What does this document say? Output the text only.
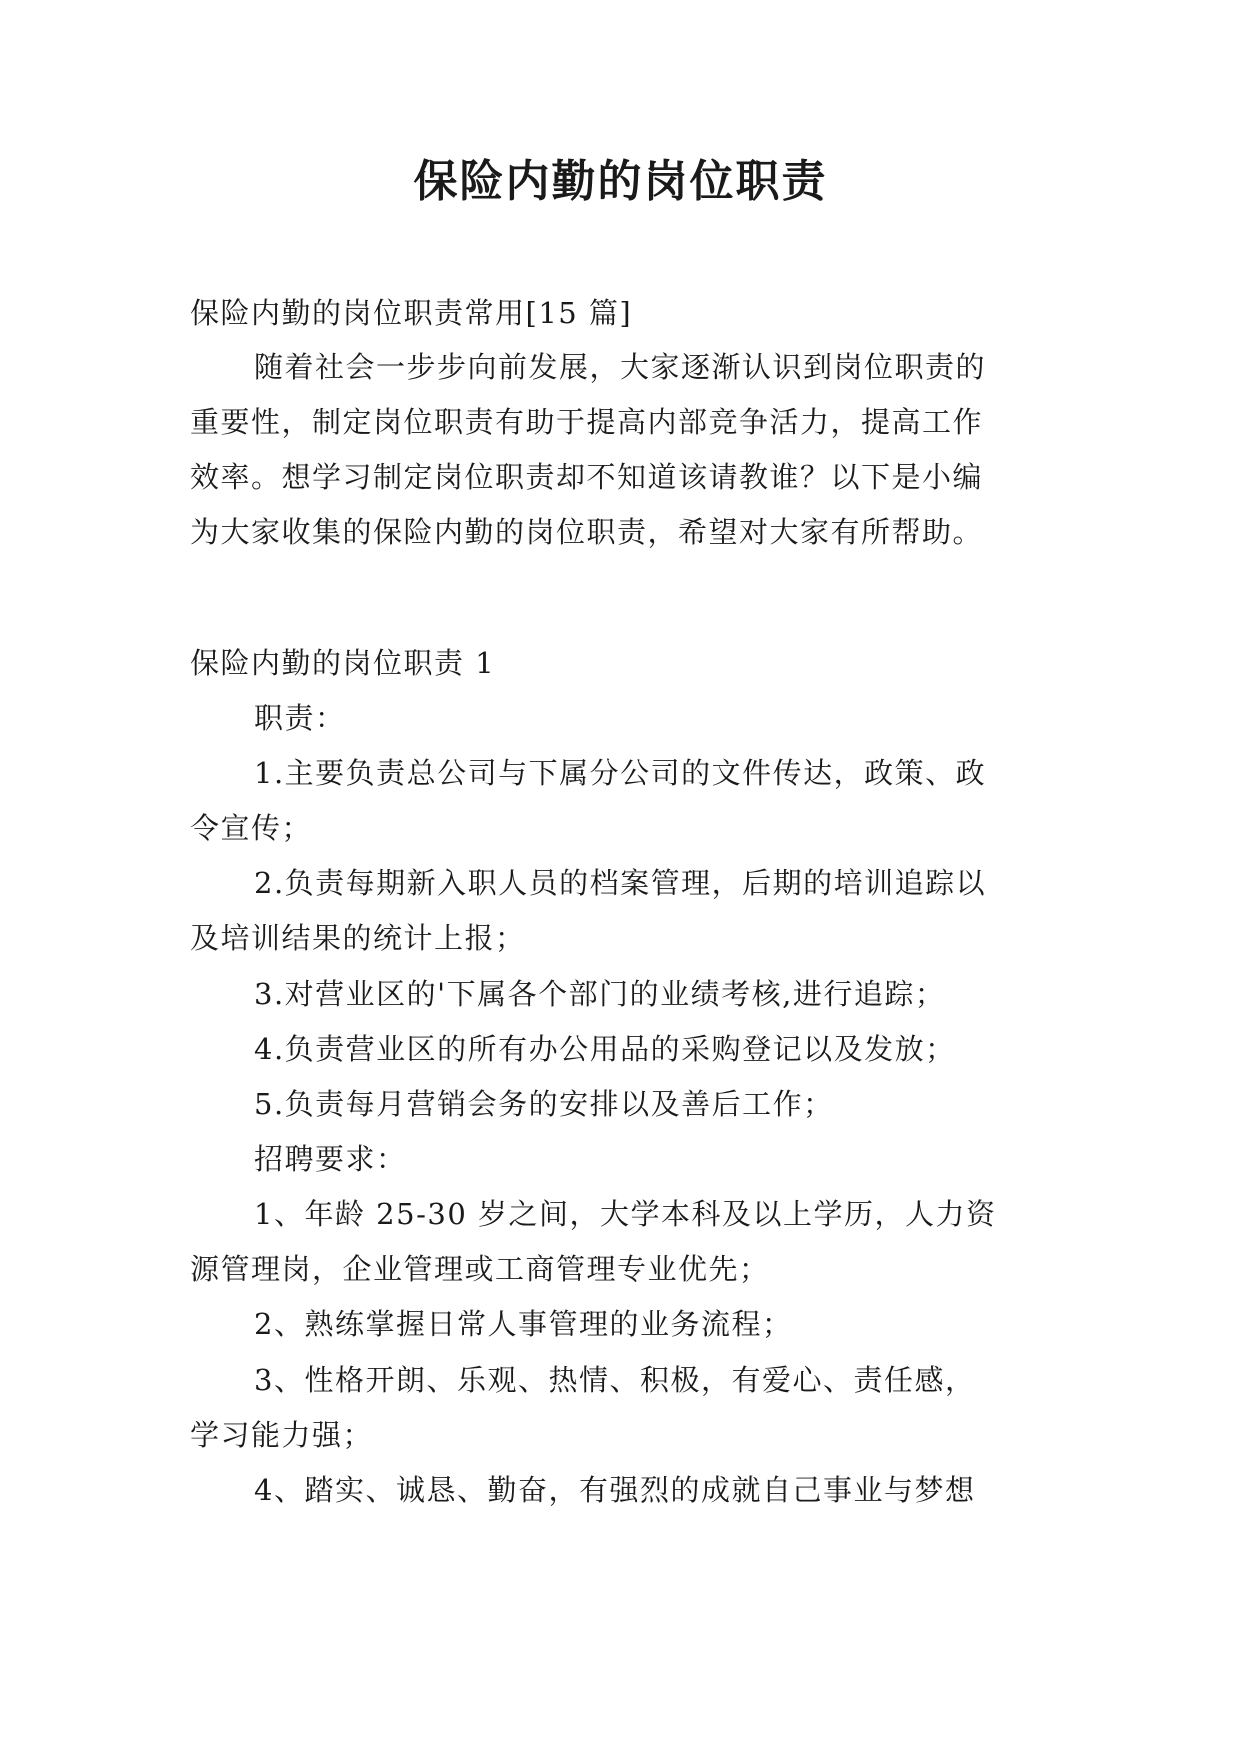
保险内勤的岗位职责

保险内勤的岗位职责常用[15 篇]

随着社会一步步向前发展，大家逐渐认识到岗位职责的

重要性，制定岗位职责有助于提高内部竞争活力，提高工作

效率。想学习制定岗位职责却不知道该请教谁？以下是小编

为大家收集的保险内勤的岗位职责，希望对大家有所帮助。

保险内勤的岗位职责 1

职责：

1.主要负责总公司与下属分公司的文件传达，政策、政

令宣传；

2.负责每期新入职人员的档案管理，后期的培训追踪以

及培训结果的统计上报；

3.对营业区的'下属各个部门的业绩考核,进行追踪；

4.负责营业区的所有办公用品的采购登记以及发放；

5.负责每月营销会务的安排以及善后工作；

招聘要求：

1、年龄 25-30 岁之间，大学本科及以上学历，人力资

源管理岗，企业管理或工商管理专业优先；

2、熟练掌握日常人事管理的业务流程；

3、性格开朗、乐观、热情、积极，有爱心、责任感，

学习能力强；

4、踏实、诚恳、勤奋，有强烈的成就自己事业与梦想
